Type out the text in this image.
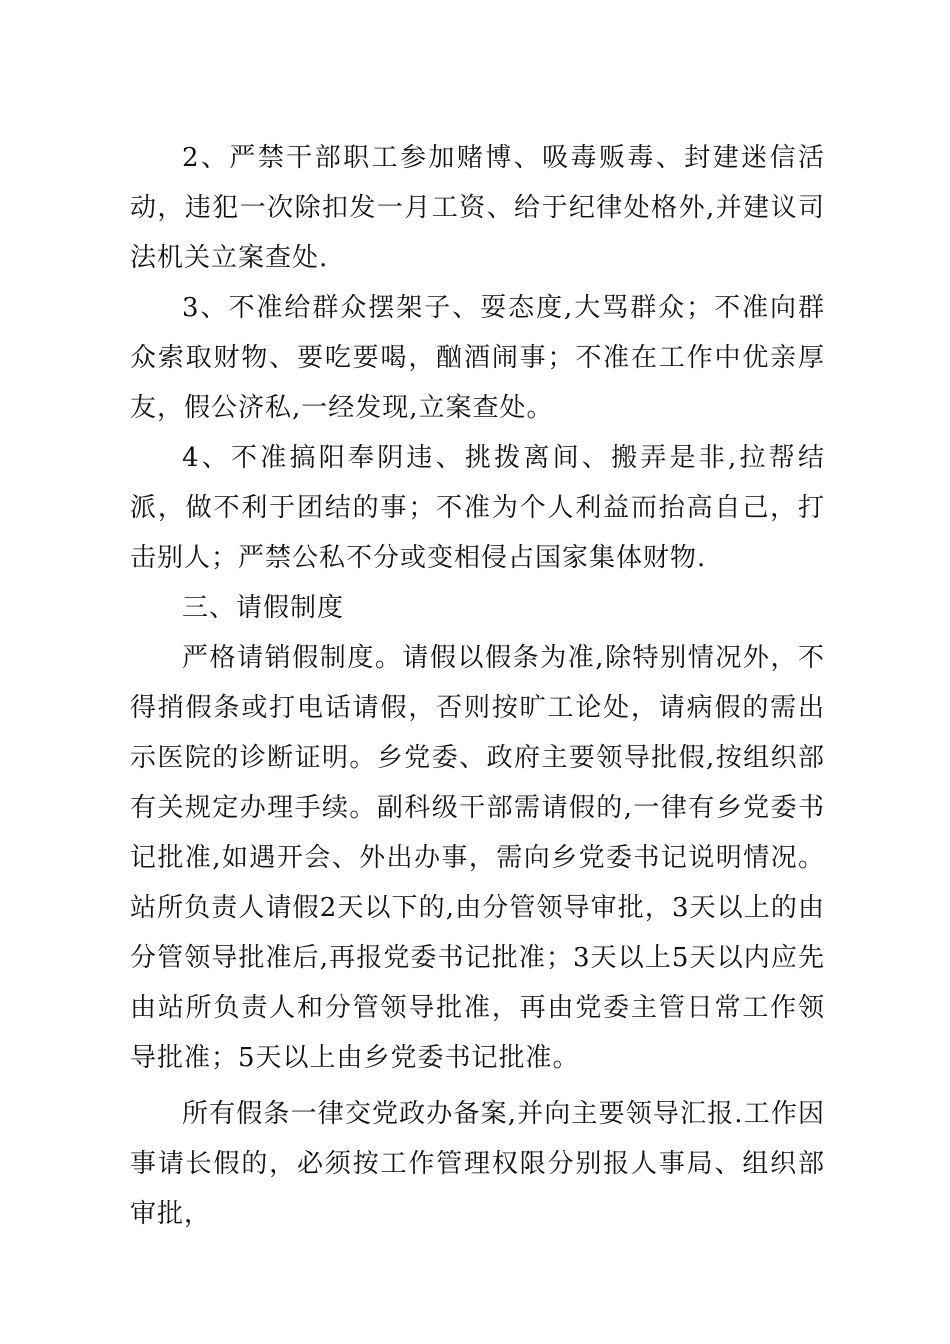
2、严禁干部职工参加赌博、吸毒贩毒、封建迷信活动，违犯一次除扣发一月工资、给于纪律处格外,并建议司法机关立案查处.

3、不准给群众摆架子、耍态度,大骂群众；不准向群众索取财物、要吃要喝，酗酒闹事；不准在工作中优亲厚友，假公济私,一经发现,立案查处。

4、不准搞阳奉阴违、挑拨离间、搬弄是非,拉帮结派，做不利于团结的事；不准为个人利益而抬高自己，打击别人；严禁公私不分或变相侵占国家集体财物.

三、请假制度

严格请销假制度。请假以假条为准,除特别情况外，不得捎假条或打电话请假，否则按旷工论处，请病假的需出示医院的诊断证明。乡党委、政府主要领导批假,按组织部有关规定办理手续。副科级干部需请假的,一律有乡党委书记批准,如遇开会、外出办事，需向乡党委书记说明情况。站所负责人请假2天以下的,由分管领导审批，3天以上的由分管领导批准后,再报党委书记批准；3天以上5天以内应先由站所负责人和分管领导批准，再由党委主管日常工作领导批准；5天以上由乡党委书记批准。

所有假条一律交党政办备案,并向主要领导汇报.工作因事请长假的，必须按工作管理权限分别报人事局、组织部审批，
